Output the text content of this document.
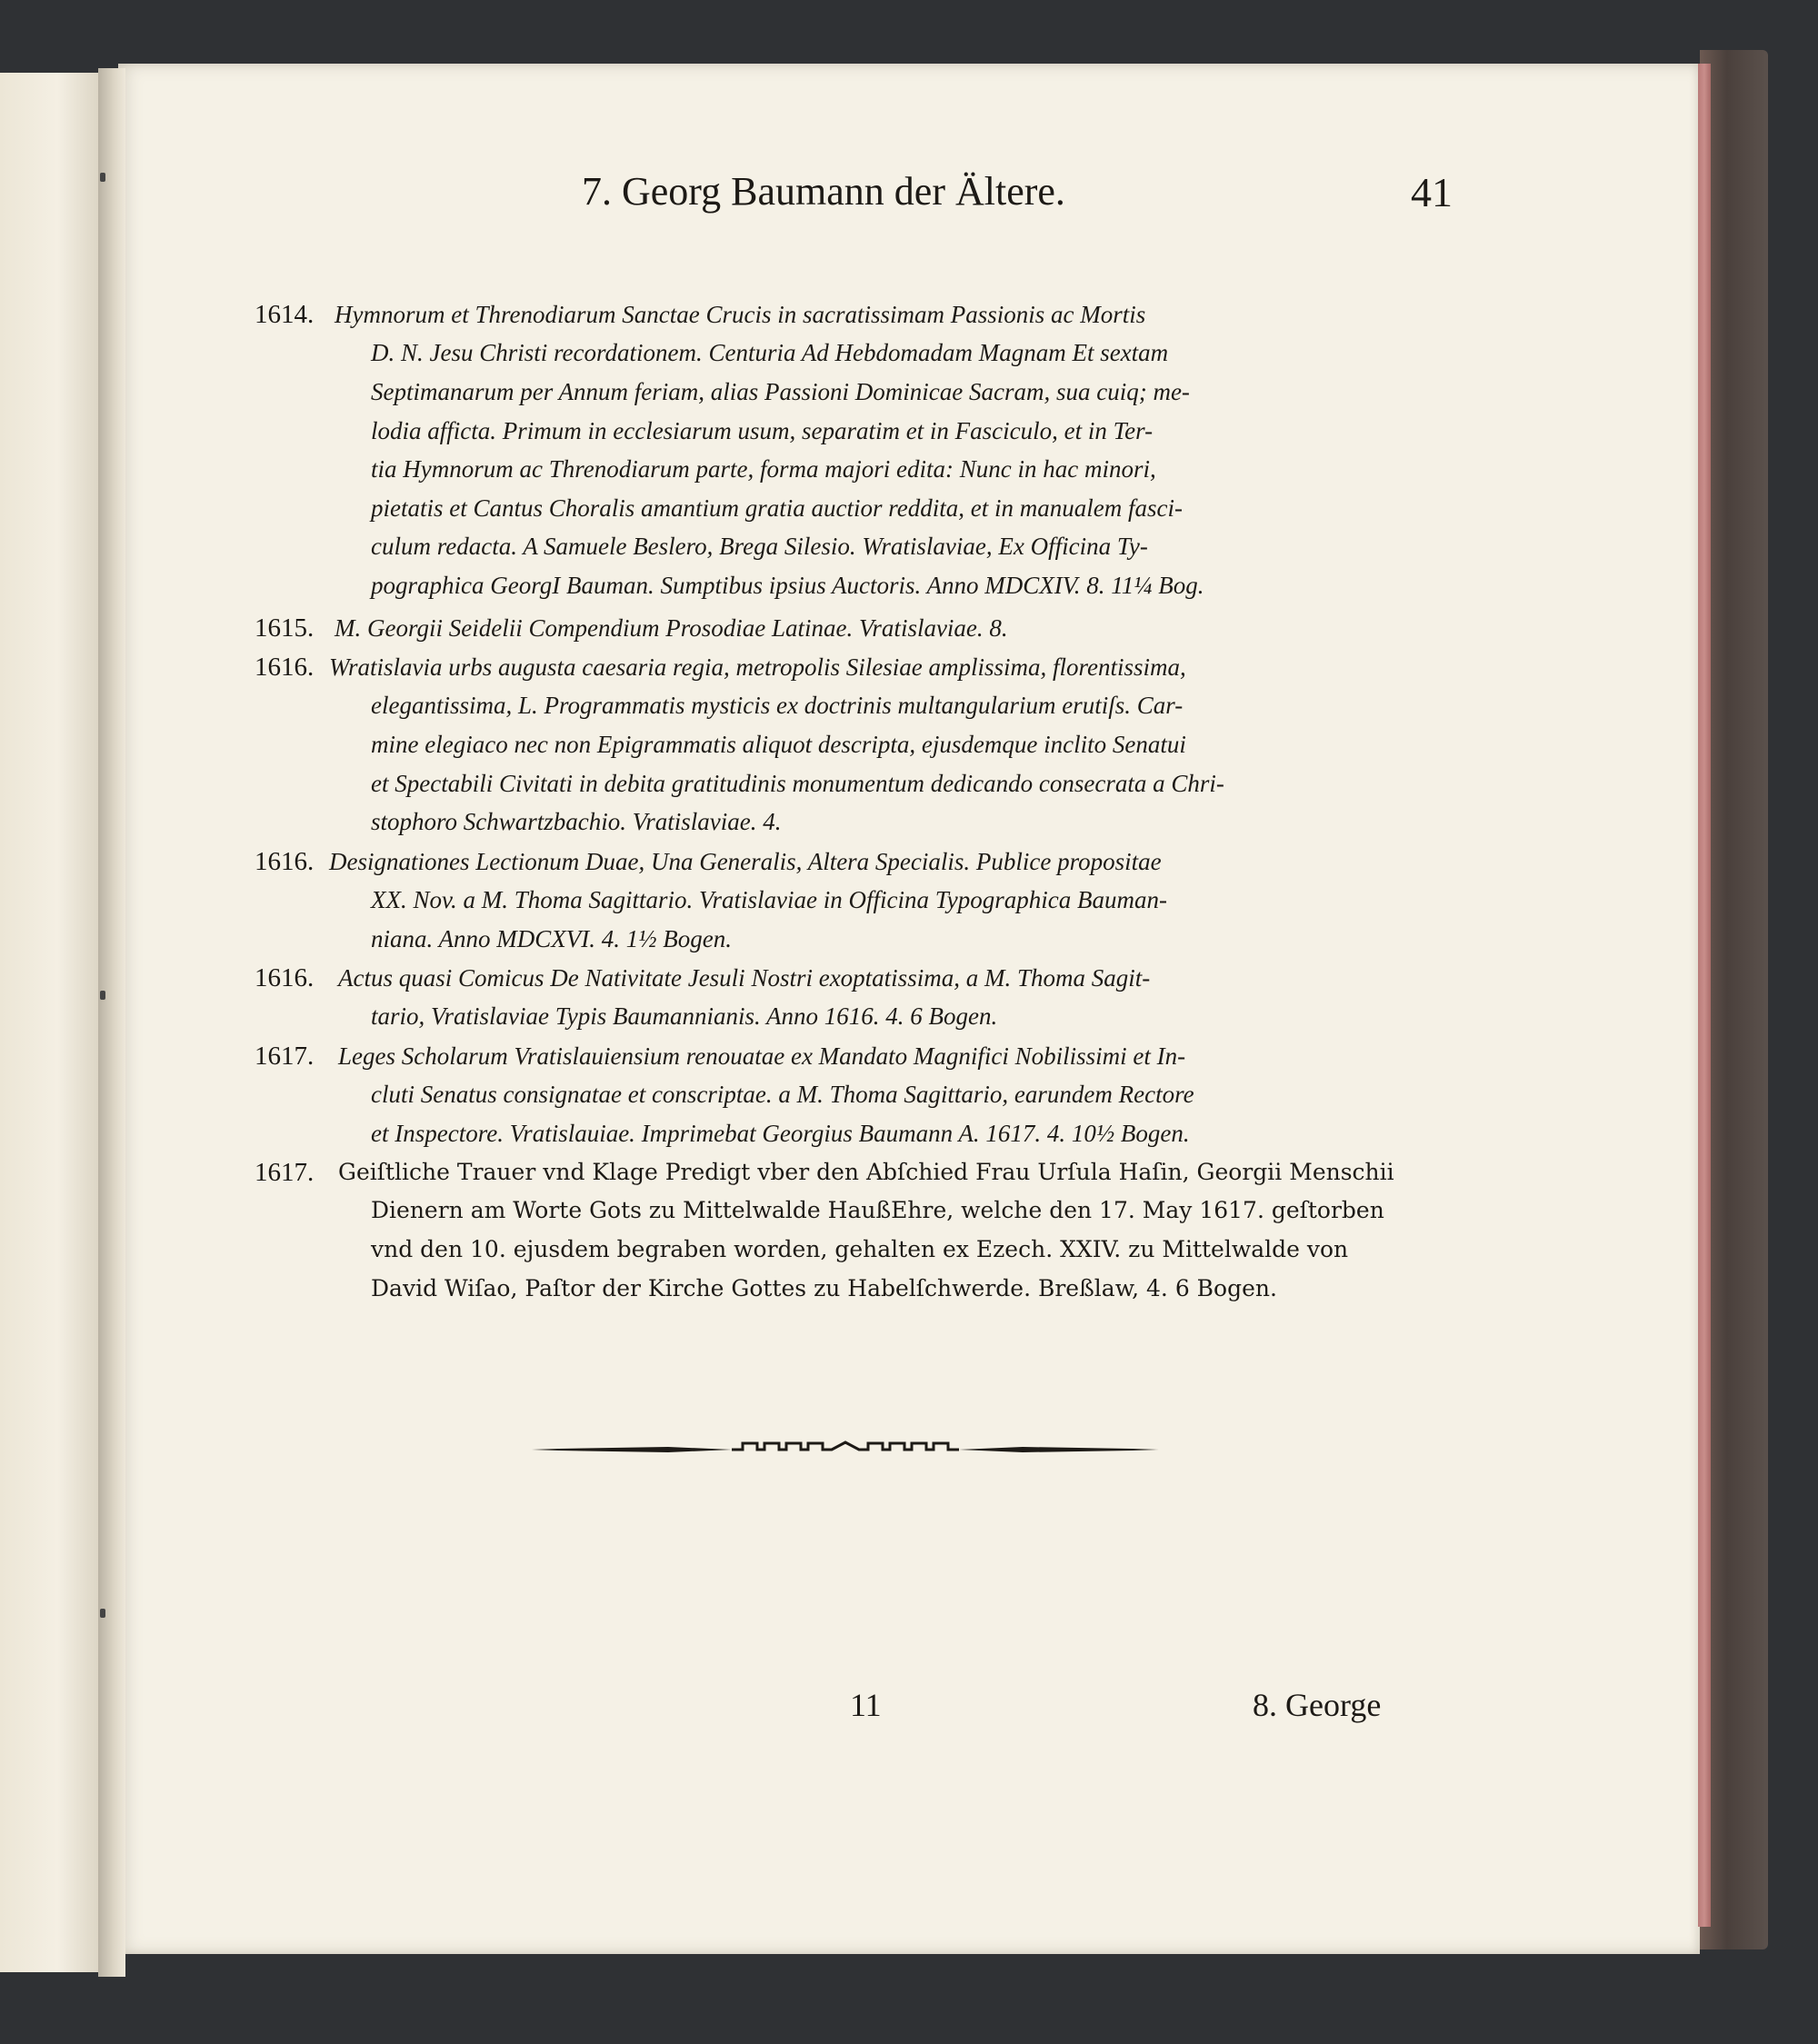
7. Georg Baumann der Ältere.	41
1614. Hymnorum et Threnodiarum Sanctae Crucis in sacratissimam Passionis ac Mortis
D. N. Jesu Christi recordationem. Centuria Ad Hebdomadam Magnam Et sextam
Septimanarum per Annum feriam, alias Passioni Dominicae Sacram, sua cuiq; me-
lodia afficta. Primum in ecclesiarum usum, separatim et in Fasciculo, et in Ter-
tia Hymnorum ac Threnodiarum parte, forma majori edita: Nunc in hac minori,
pietatis et Cantus Choralis amantium gratia auctior reddita, et in manualem fasci-
culum redacta. A Samuele Beslero, Brega Silesio. Wratislaviae, Ex Officina Ty-
pographica GeorgI Bauman. Sumptibus ipsius Auctoris. Anno MDCXIV. 8. 11¼ Bog.
1615. M. Georgii Seidelii Compendium Prosodiae Latinae. Vratislaviae. 8.
1616. Wratislavia urbs augusta caesaria regia, metropolis Silesiae amplissima, florentissima,
elegantissima, L. Programmatis mysticis ex doctrinis multangularium erutiſs. Car-
mine elegiaco nec non Epigrammatis aliquot descripta, ejusdemque inclito Senatui
et Spectabili Civitati in debita gratitudinis monumentum dedicando consecrata a Chri-
stophoro Schwartzbachio. Vratislaviae. 4.
1616. Designationes Lectionum Duae, Una Generalis, Altera Specialis. Publice propositae
XX. Nov. a M. Thoma Sagittario. Vratislaviae in Officina Typographica Bauman-
niana. Anno MDCXVI. 4. 1½ Bogen.
1616. Actus quasi Comicus De Nativitate Jesuli Nostri exoptatissima, a M. Thoma Sagit-
tario, Vratislaviae Typis Baumannianis. Anno 1616. 4. 6 Bogen.
1617. Leges Scholarum Vratislauiensium renouatae ex Mandato Magnifici Nobilissimi et In-
cluti Senatus consignatae et conscriptae. a M. Thoma Sagittario, earundem Rectore
et Inspectore. Vratislauiae. Imprimebat Georgius Baumann A. 1617. 4. 10½ Bogen.
1617. Geiſtliche Trauer vnd Klage Predigt vber den Abſchied Frau Urſula Haſin, Georgii Menschii
Dienern am Worte Gots zu Mittelwalde HaußEhre, welche den 17. May 1617. geſtorben
vnd den 10. ejusdem begraben worden, gehalten ex Ezech. XXIV. zu Mittelwalde von
David Wiſao, Paſtor der Kirche Gottes zu Habelſchwerde. Breßlaw, 4. 6 Bogen.
11	8. George
